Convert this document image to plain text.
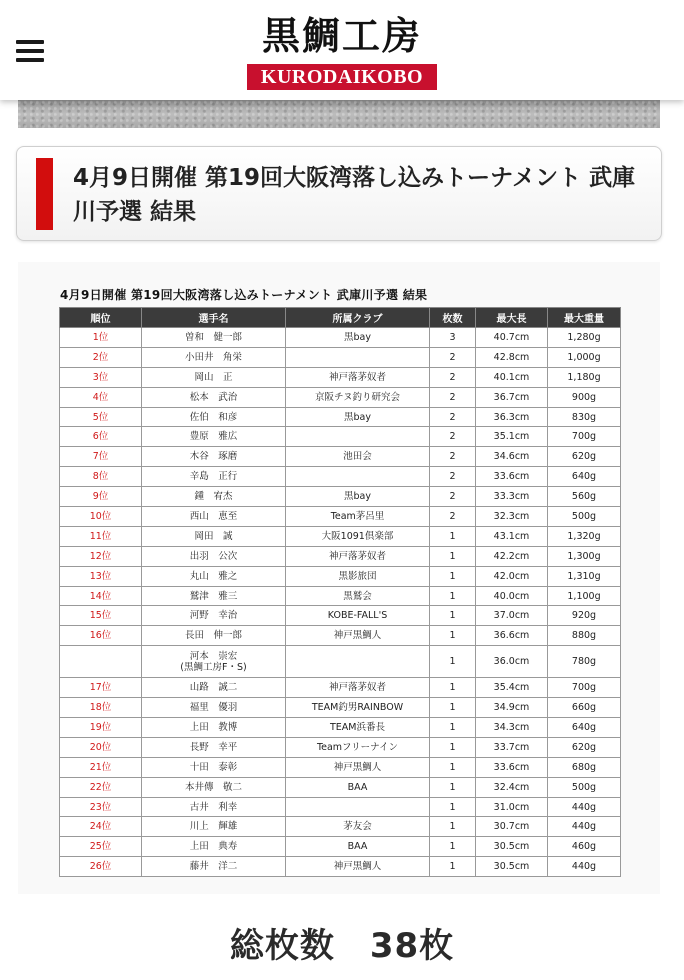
黒鯛工房
KURODAIKOBO
4月9日開催 第19回大阪湾落し込みトーナメント 武庫川予選 結果
4月9日開催 第19回大阪湾落し込みトーナメント 武庫川予選 結果
順位	選手名	所属クラブ	枚数	最大長	最大重量
1位	曽和　健一郎	黒bay	3	40.7cm	1,280g
2位	小田井　角栄		2	42.8cm	1,000g
3位	岡山　正	神戸落茅奴者	2	40.1cm	1,180g
4位	松本　武治	京阪チヌ釣り研究会	2	36.7cm	900g
5位	佐伯　和彦	黒bay	2	36.3cm	830g
6位	豊原　雅広		2	35.1cm	700g
7位	木谷　琢磨	池田会	2	34.6cm	620g
8位	辛島　正行		2	33.6cm	640g
9位	鍾　宥杰	黒bay	2	33.3cm	560g
10位	西山　恵至	Team茅呂里	2	32.3cm	500g
11位	岡田　誠	大阪1091倶楽部	1	43.1cm	1,320g
12位	出羽　公次	神戸落茅奴者	1	42.2cm	1,300g
13位	丸山　雅之	黒影旅団	1	42.0cm	1,310g
14位	鷲津　雅三	黒鷲会	1	40.0cm	1,100g
15位	河野　幸治	KOBE-FALL'S	1	37.0cm	920g
16位	長田　伸一郎	神戸黒鯛人	1	36.6cm	880g

	河本　崇宏
(黒鯛工房F・S)		1	36.0cm	780g
17位	山路　誠二	神戸落茅奴者	1	35.4cm	700g
18位	福里　優羽	TEAM釣男RAINBOW	1	34.9cm	660g
19位	上田　教博	TEAM浜番長	1	34.3cm	640g
20位	長野　幸平	Teamフリーナイン	1	33.7cm	620g
21位	十田　泰彰	神戸黒鯛人	1	33.6cm	680g
22位	本井傳　敬二	BAA	1	32.4cm	500g
23位	古井　利幸		1	31.0cm	440g
24位	川上　輝雄	茅友会	1	30.7cm	440g
25位	上田　典寿	BAA	1	30.5cm	460g
26位	藤井　洋二	神戸黒鯛人	1	30.5cm	440g
総枚数　38枚
